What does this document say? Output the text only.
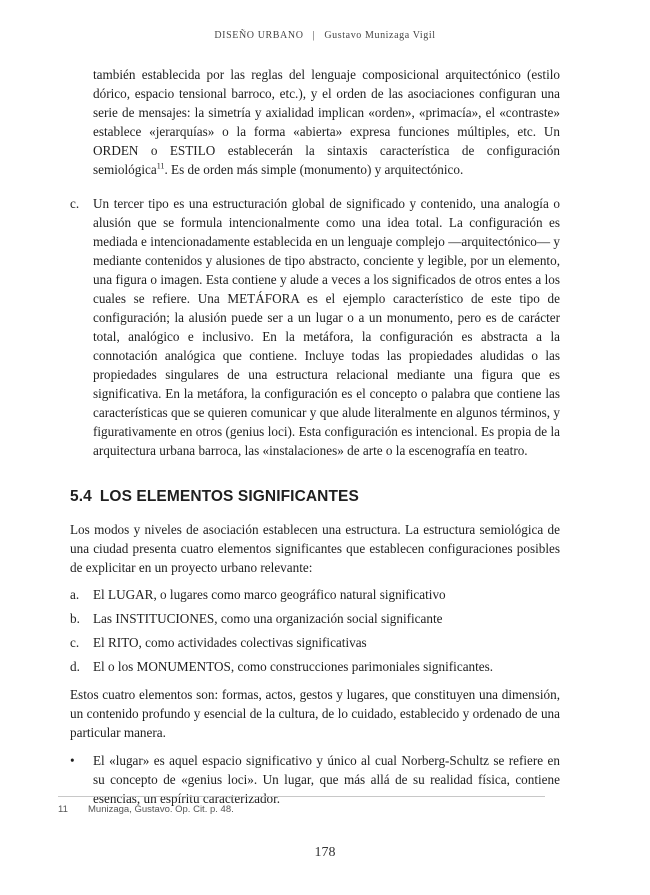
DISEÑO URBANO | Gustavo Munizaga Vigil

también establecida por las reglas del lenguaje composicional arquitectónico (estilo dórico, espacio tensional barroco, etc.), y el orden de las asociaciones configuran una serie de mensajes: la simetría y axialidad implican «orden», «primacía», el «contraste» establece «jerarquías» o la forma «abierta» expresa funciones múltiples, etc. Un ORDEN o ESTILO establecerán la sintaxis característica de configuración semiológica$^{11}$. Es de orden más simple (monumento) y arquitectónico.

c.	Un tercer tipo es una estructuración global de significado y contenido, una analogía o alusión que se formula intencionalmente como una idea total. La configuración es mediada e intencionadamente establecida en un lenguaje complejo —arquitectónico— y mediante contenidos y alusiones de tipo abstracto, conciente y legible, por un elemento, una figura o imagen. Esta contiene y alude a veces a los significados de otros entes a los cuales se refiere. Una METÁFORA es el ejemplo característico de este tipo de configuración; la alusión puede ser a un lugar o a un monumento, pero es de carácter total, analógico e inclusivo. En la metáfora, la configuración es abstracta a la connotación analógica que contiene. Incluye todas las propiedades aludidas o las propiedades singulares de una estructura relacional mediante una figura que es significativa. En la metáfora, la configuración es el concepto o palabra que contiene las características que se quieren comunicar y que alude literalmente en algunos términos, y figurativamente en otros (genius loci). Esta configuración es intencional. Es propia de la arquitectura urbana barroca, las «instalaciones» de arte o la escenografía en teatro.
5.4 LOS ELEMENTOS SIGNIFICANTES

Los modos y niveles de asociación establecen una estructura. La estructura semiológica de una ciudad presenta cuatro elementos significantes que establecen configuraciones posibles de explicitar en un proyecto urbano relevante:

a.	El LUGAR, o lugares como marco geográfico natural significativo
b. Las INSTITUCIONES, como una organización social significante
c.	El RITO, como actividades colectivas significativas
d. El o los MONUMENTOS, como construcciones parimoniales significantes.

Estos cuatro elementos son: formas, actos, gestos y lugares, que constituyen una dimensión, un contenido profundo y esencial de la cultura, de lo cuidado, establecido y ordenado de una particular manera.

•	El «lugar» es aquel espacio significativo y único al cual Norberg-Schultz se refiere en su concepto de «genius loci». Un lugar, que más allá de su realidad física, contiene esencias, un espíritu caracterizador.
11 Munizaga, Gustavo. Op. Cit. p. 48.
178
